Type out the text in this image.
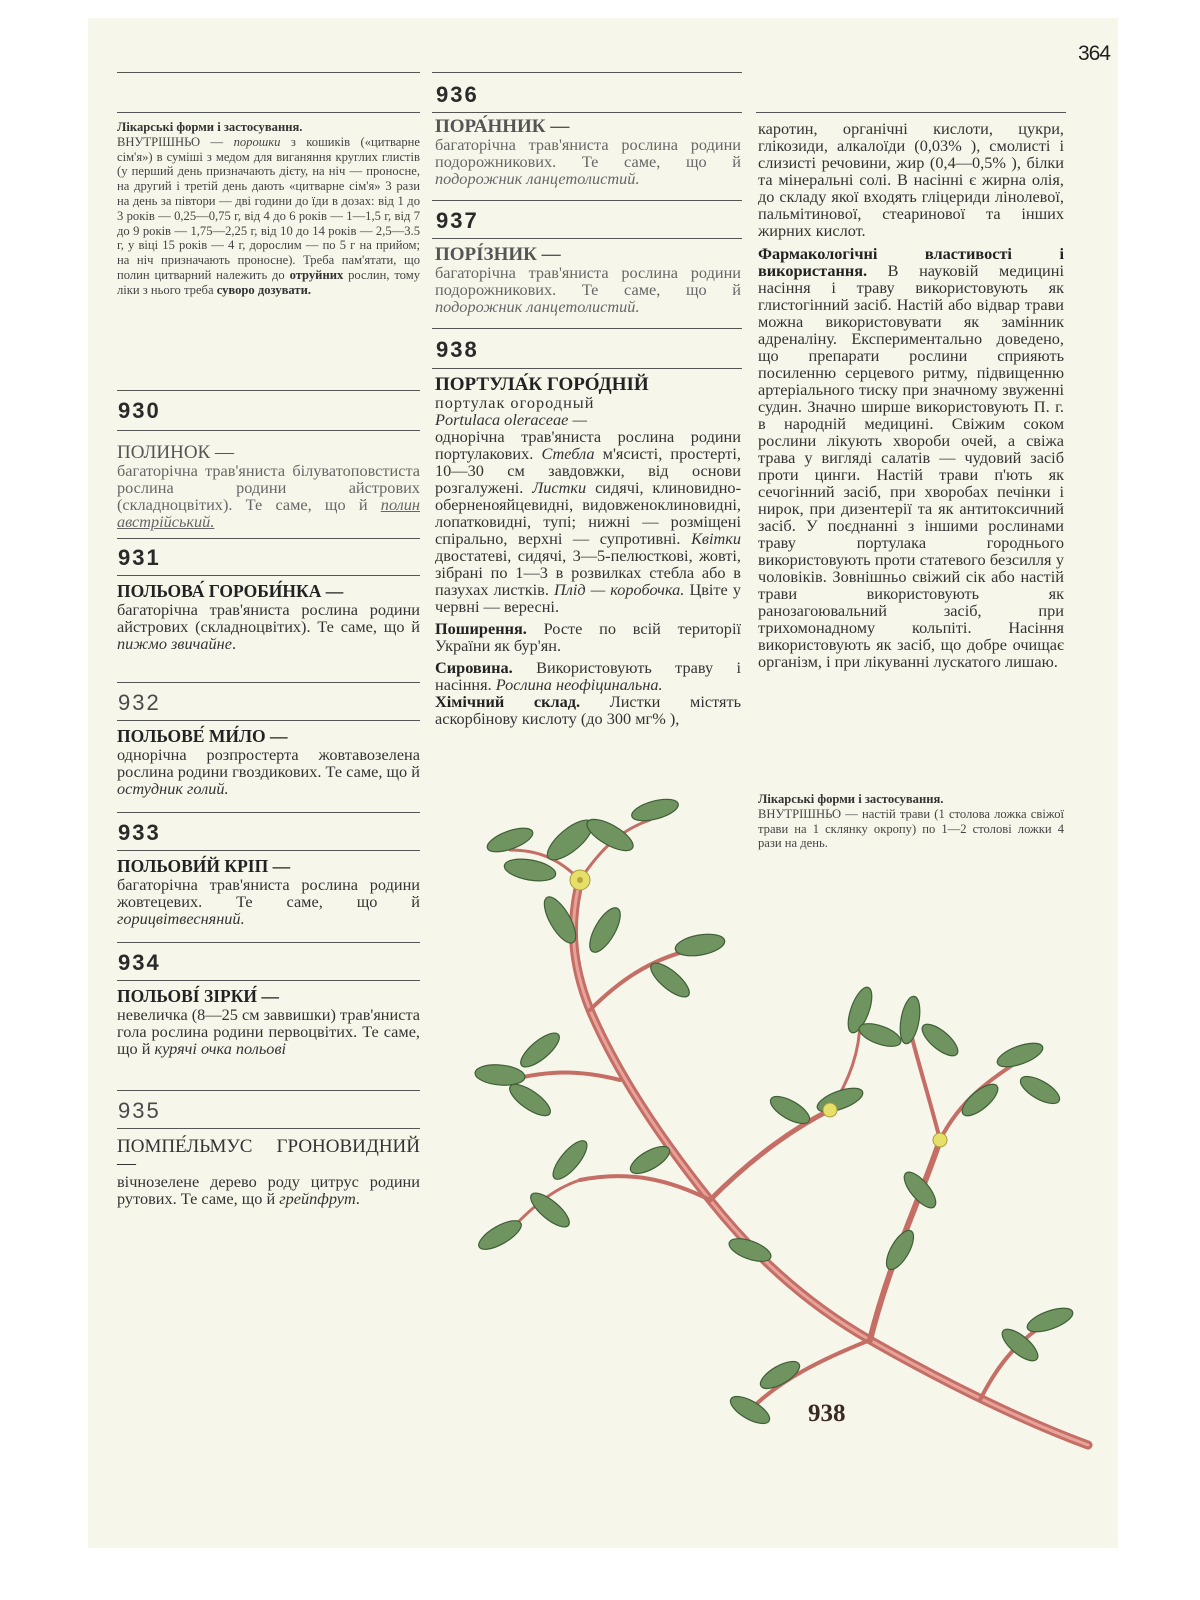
364
Лікарські форми і застосування.
ВНУТРІШНЬО — порошки з кошиків («цитварне сім'я») в суміші з медом для виганяння круглих глистів (у перший день призначають дієту, на ніч — проносне, на другий і третій день дають «цитварне сім'я» 3 рази на день за півтори — дві години до їди в дозах: від 1 до 3 років — 0,25—0,75 г, від 4 до 6 років — 1—1,5 г, від 7 до 9 років — 1,75—2,25 г, від 10 до 14 років — 2,5—3.5 г, у віці 15 років — 4 г, дорослим — по 5 г на прийом; на ніч призначають проносне). Треба пам'ятати, що полин цитварний належить до отруйних рослин, тому ліки з нього треба суворо дозувати.
930
ПОЛИНОК —
багаторічна трав'яниста білуватоповстиста рослина родини айстрових (складноцвітих). Те саме, що й полин австрійський.
931
ПОЛЬОВА́ ГОРОБИ́НКА —
багаторічна трав'яниста рослина родини айстрових (складноцвітих). Те саме, що й пижмо звичайне.
932
ПОЛЬОВЕ́ МИ́ЛО —
однорічна розпростерта жовтавозелена рослина родини гвоздикових. Те саме, що й остудник голий.
933
ПОЛЬОВИ́Й КРІП —
багаторічна трав'яниста рослина родини жовтецевих. Те саме, що й горицвітвесняний.
934
ПОЛЬОВІ́ ЗІРКИ́ —
невеличка (8—25 см заввишки) трав'яниста гола рослина родини первоцвітих. Те саме, що й курячі очка польові
935
ПОМПЕ́ЛЬМУС ГРОНОВИДНИЙ —
вічнозелене дерево роду цитрус родини рутових. Те саме, що й грейпфрут.
936
ПОРА́ННИК —
багаторічна трав'яниста рослина родини подорожникових. Те саме, що й подорожник ланцетолистий.
937
ПОРІ́ЗНИК —
багаторічна трав'яниста рослина родини подорожникових. Те саме, що й подорожник ланцетолистий.
938
ПОРТУЛА́К ГОРО́ДНІЙ
портулак огородный
Portulaca oleraceae —
однорічна трав'яниста рослина родини портулакових. Стебла м'ясисті, простерті, 10—30 см завдовжки, від основи розгалужені. Листки сидячі, клиновидно-оберненояйцевидні, видовженоклиновидні, лопатковидні, тупі; нижні — розміщені спірально, верхні — супротивні. Квітки двостатеві, сидячі, 3—5-пелюсткові, жовті, зібрані по 1—3 в розвилках стебла або в пазухах листків. Плід — коробочка. Цвіте у червні — вересні.
Поширення. Росте по всій території України як бур'ян.
Сировина. Використовують траву і насіння. Рослина неофіцинальна.
Хімічний склад. Листки містять аскорбінову кислоту (до 300 мг% ),
каротин, органічні кислоти, цукри, глікозиди, алкалоїди (0,03% ), смолисті і слизисті речовини, жир (0,4—0,5% ), білки та мінеральні солі. В насінні є жирна олія, до складу якої входять гліцериди лінолевої, пальмітинової, стеаринової та інших жирних кислот.
Фармакологічні властивості і використання. В науковій медицині насіння і траву використовують як глистогінний засіб. Настій або відвар трави можна використовувати як замінник адреналіну. Експериментально доведено, що препарати рослини сприяють посиленню серцевого ритму, підвищенню артеріального тиску при значному звуженні судин. Значно ширше використовують П. г. в народній медицині. Свіжим соком рослини лікують хвороби очей, а свіжа трава у вигляді салатів — чудовий засіб проти цинги. Настій трави п'ють як сечогінний засіб, при хворобах печінки і нирок, при дизентерії та як антитоксичний засіб. У поєднанні з іншими рослинами траву портулака городнього використовують проти статевого безсилля у чоловіків. Зовнішньо свіжий сік або настій трави використовують як ранозагоювальний засіб, при трихомонадному кольпіті. Насіння використовують як засіб, що добре очищає організм, і при лікуванні лускатого лишаю.
Лікарські форми і застосування.
ВНУТРІШНЬО — настій трави (1 столова ложка свіжої трави на 1 склянку окропу) по 1—2 столові ложки 4 рази на день.
938
